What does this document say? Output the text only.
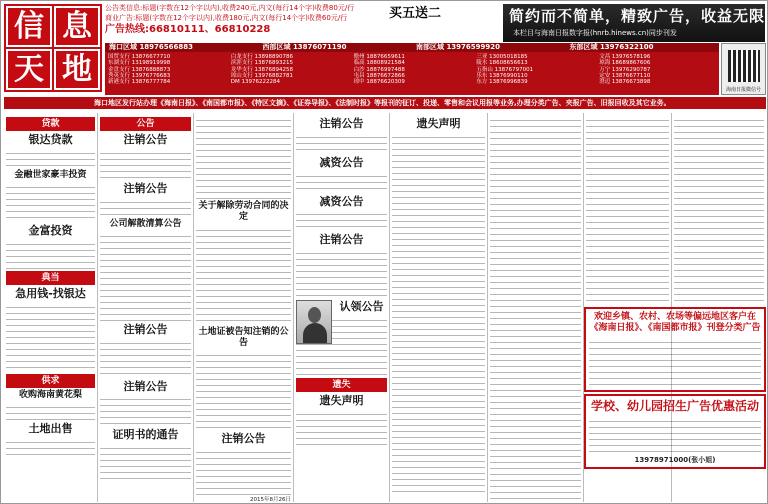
信 息
天 地
公告类信息:标题(字数在12个字以内),收费240元,内文(每行14个字)收费80元/行
商业广告:标题(字数在12个字以内),收费180元,内文(每行14个字)收费60元/行
广告热线:66810111、66810228
买五送二	简约而不简单，精致广告，收益无限
本栏目与海南日报数字报(hnrb.hinews.cn)同步刊发
海口区域 18976566883	西部区域 13876071190	南部区域 13976599920	东部区域 13976322100
国贸支行 13876677710
东湖支行 13198919998
金盘支行 13876888873
秀英支行 13976776683
新港支行 13876777784
白龙支行 13898890786
滨涯支行 13876893215
龙华支行 13876894258
琼山支行 13976882781
DM 13976222284
儋州 18876659611
临高 18808921584
白沙 18876997488
屯昌 18876672866
琼中 18876620309
三亚 13005018185
陵水 18608656613
五指山 13876797001
乐东 13876990110
东方 13876996839
文昌 13976578196
琼海 18689867606
万宁 13976290787
定安 13876677110
澄迈 13876673898
海南日报微信号
海口地区发行站办理《海南日报》、《南国都市报》、《特区文摘》、《证券导报》、《法制时报》等报刊的征订、投递、零售和会议用报等业务,办理分类广告、夹报广告、旧报回收及其它业务。
贷款
银达贷款
金融世家豪丰投资
金富投资
典当
急用钱-找银达
供求
收购海南黄花梨
土地出售
公告
注销公告
注销公告
公司解散清算公告
注销公告
注销公告
证明书的通告
关于解除劳动合同的决定
土地证被告知注销的公告
注销公告
2015年8月26日
注销公告
减资公告
减资公告
注销公告
认领公告
遗失
遗失声明
遗失声明
欢迎乡镇、农村、农场等偏远地区客户在《海南日报》、《南国都市报》刊登分类广告
学校、幼儿园招生广告优惠活动
13978971000(张小姐)
